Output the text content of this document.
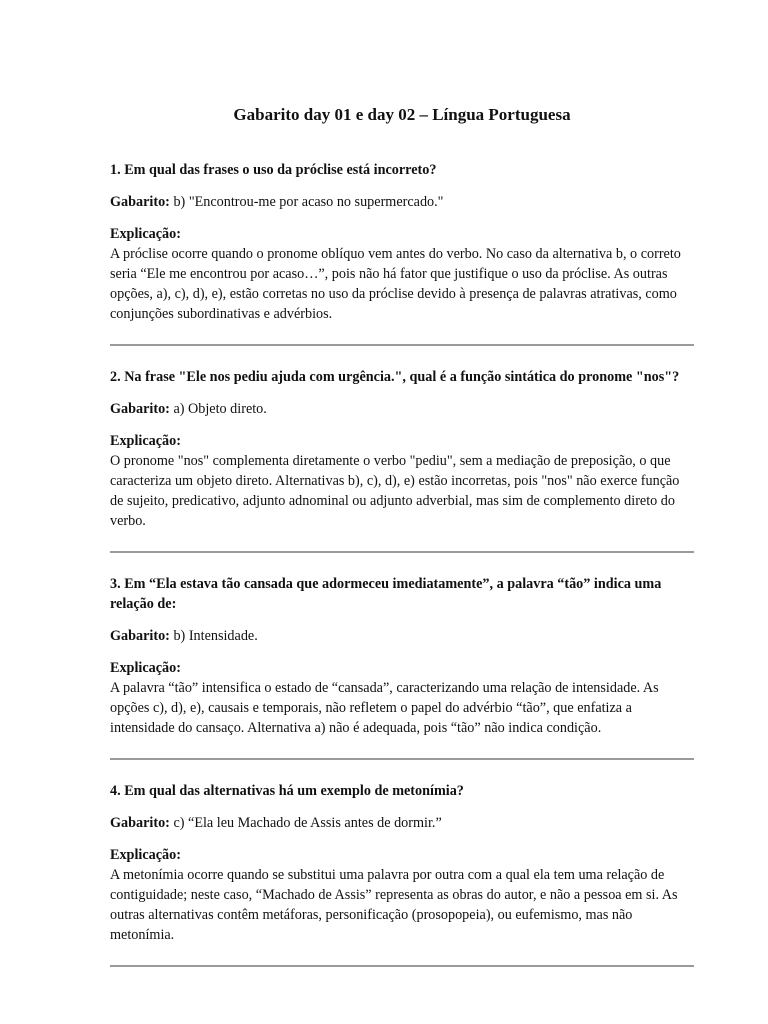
Gabarito day 01 e day 02 – Língua Portuguesa

1. Em qual das frases o uso da próclise está incorreto?

Gabarito: b) "Encontrou-me por acaso no supermercado."

Explicação:

A próclise ocorre quando o pronome oblíquo vem antes do verbo. No caso da alternativa b, o correto seria “Ele me encontrou por acaso…”, pois não há fator que justifique o uso da próclise. As outras opções, a), c), d), e), estão corretas no uso da próclise devido à presença de palavras atrativas, como conjunções subordinativas e advérbios.

2. Na frase "Ele nos pediu ajuda com urgência.", qual é a função sintática do pronome "nos"?

Gabarito: a) Objeto direto.

Explicação:

O pronome "nos" complementa diretamente o verbo "pediu", sem a mediação de preposição, o que caracteriza um objeto direto. Alternativas b), c), d), e) estão incorretas, pois "nos" não exerce função de sujeito, predicativo, adjunto adnominal ou adjunto adverbial, mas sim de complemento direto do verbo.

3. Em “Ela estava tão cansada que adormeceu imediatamente”, a palavra “tão” indica uma relação de:

Gabarito: b) Intensidade.

Explicação:

A palavra “tão” intensifica o estado de “cansada”, caracterizando uma relação de intensidade. As opções c), d), e), causais e temporais, não refletem o papel do advérbio “tão”, que enfatiza a intensidade do cansaço. Alternativa a) não é adequada, pois “tão” não indica condição.

4. Em qual das alternativas há um exemplo de metonímia?

Gabarito: c) “Ela leu Machado de Assis antes de dormir.”

Explicação:

A metonímia ocorre quando se substitui uma palavra por outra com a qual ela tem uma relação de contiguidade; neste caso, “Machado de Assis” representa as obras do autor, e não a pessoa em si. As outras alternativas contêm metáforas, personificação (prosopopeia), ou eufemismo, mas não metonímia.
